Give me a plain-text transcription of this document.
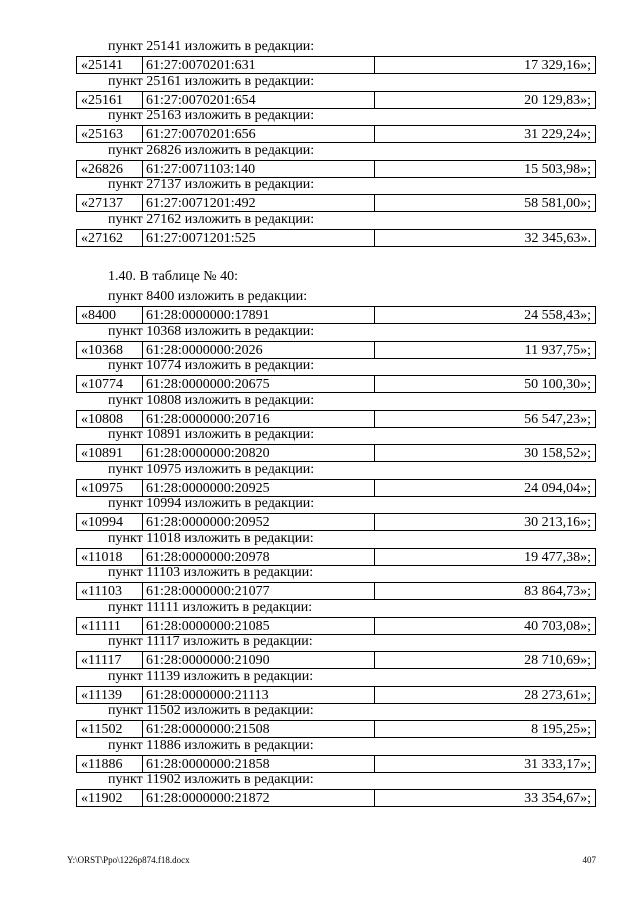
пункт 25141 изложить в редакции:
«25141	61:27:0070201:631	17 329,16»;
пункт 25161 изложить в редакции:
«25161	61:27:0070201:654	20 129,83»;
пункт 25163 изложить в редакции:
«25163	61:27:0070201:656	31 229,24»;
пункт 26826 изложить в редакции:
«26826	61:27:0071103:140	15 503,98»;
пункт 27137 изложить в редакции:
«27137	61:27:0071201:492	58 581,00»;
пункт 27162 изложить в редакции:
«27162	61:27:0071201:525	32 345,63».
1.40. В таблице № 40:
пункт 8400 изложить в редакции:
«8400	61:28:0000000:17891	24 558,43»;
пункт 10368 изложить в редакции:
«10368	61:28:0000000:2026	11 937,75»;
пункт 10774 изложить в редакции:
«10774	61:28:0000000:20675	50 100,30»;
пункт 10808 изложить в редакции:
«10808	61:28:0000000:20716	56 547,23»;
пункт 10891 изложить в редакции:
«10891	61:28:0000000:20820	30 158,52»;
пункт 10975 изложить в редакции:
«10975	61:28:0000000:20925	24 094,04»;
пункт 10994 изложить в редакции:
«10994	61:28:0000000:20952	30 213,16»;
пункт 11018 изложить в редакции:
«11018	61:28:0000000:20978	19 477,38»;
пункт 11103 изложить в редакции:
«11103	61:28:0000000:21077	83 864,73»;
пункт 11111 изложить в редакции:
«11111	61:28:0000000:21085	40 703,08»;
пункт 11117 изложить в редакции:
«11117	61:28:0000000:21090	28 710,69»;
пункт 11139 изложить в редакции:
«11139	61:28:0000000:21113	28 273,61»;
пункт 11502 изложить в редакции:
«11502	61:28:0000000:21508	8 195,25»;
пункт 11886 изложить в редакции:
«11886	61:28:0000000:21858	31 333,17»;
пункт 11902 изложить в редакции:
«11902	61:28:0000000:21872	33 354,67»;
Y:\ORST\Ppo\1226p874.f18.docx	407
